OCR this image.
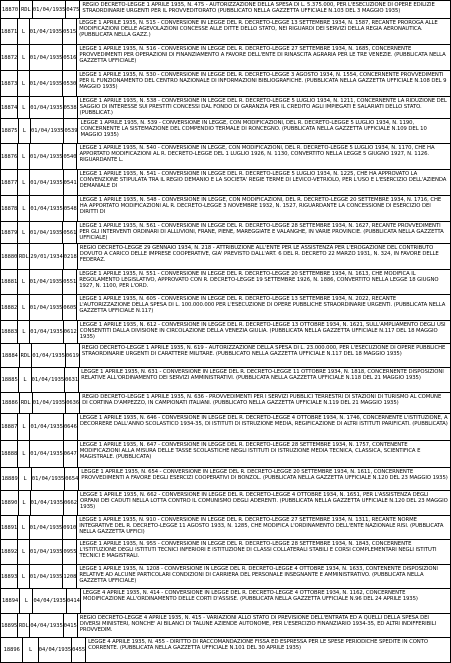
18870 RDL 01/04/1935 0475
REGIO DECRETO-LEGGE 1 APRILE 1935, N. 475 - AUTORIZZAZIONE DELLA SPESA DI L. 5.375.000, PER L'ESECUZIONE DI OPERE EDILIZIE STRAORDINARIE URGENTI PER IL PROVVEDITORATO (PUBBLICATO NELLA GAZZETTA UFFICIALE N.103 DEL 3 MAGGIO 1935)
18871 L 01/04/1935 0515
LEGGE 1 APRILE 1935, N. 515 - CONVERSIONE IN LEGGE DEL R. DECRETO-LEGGE 13 SETTEMBRE 1934, N. 1587, RECANTE PROROGA ALLE MODIFICAZIONI DELLE AGEVOLAZIONI CONCESSE ALLE DITTE DELLO STATO, NEI RIGUARDI DEI SERVIZI DELLA REGIA AERONAUTICA. (PUBBLICATA NELLA GAZZ.)
18872 L 01/04/1935 0516
LEGGE 1 APRILE 1935, N. 516 - CONVERSIONE IN LEGGE DEL R. DECRETO-LEGGE 27 SETTEMBRE 1934, N. 1685, CONCERNENTE PROVVEDIMENTI PER OPERAZIONI DI FINANZIAMENTO A FAVORE DELL'ENTE DI RINASCITA AGRARIA PER LE TRE VENEZIE. (PUBBLICATA NELLA GAZZETTA UFFICIALE)
18873 L 01/04/1935 0530
LEGGE 1 APRILE 1935, N. 530 - CONVERSIONE IN LEGGE DEL R. DECRETO-LEGGE 3 AGOSTO 1934, N. 1554, CONCERNENTE PROVVEDIMENTI PER IL FUNZIONAMENTO DEL CENTRO NAZIONALE DI INFORMAZIONI BIBLIOGRAFICHE. (PUBBLICATA NELLA GAZZETTA UFFICIALE N.108 DEL 9 MAGGIO 1935)
18874 L 01/04/1935 0538
LEGGE 1 APRILE 1935, N. 538 - CONVERSIONE IN LEGGE DEL R. DECRETO-LEGGE 5 LUGLIO 1934, N. 1211, CONCERNENTE LA RIDUZIONE DEL SAGGIO DI INTERESSE SUI PRESTITI CONCESSI DAL FONDO DI GARANZIA PER IL CREDITO AGLI IMPIEGATI E SALARIATI DELLO STATO. (PUBBLICAT.)
18875 L 01/04/1935 0539
LEGGE 1 APRILE 1935, N. 539 - CONVERSIONE IN LEGGE, CON MODIFICAZIONI, DEL R. DECRETO-LEGGE 5 LUGLIO 1934, N. 1190, CONCERNENTE LA SISTEMAZIONE DEL COMPENDIO TERMALE DI RONCEGNO. (PUBBLICATA NELLA GAZZETTA UFFICIALE N.109 DEL 10 MAGGIO 1935)
18876 L 01/04/1935 0540
LEGGE 1 APRILE 1935, N. 540 - CONVERSIONE IN LEGGE, CON MODIFICAZIONI, DEL R. DECRETO-LEGGE 5 LUGLIO 1934, N. 1170, CHE HA APPORTATO MODIFICAZIONI AL R. DECRETO-LEGGE DEL 1 LUGLIO 1926, N. 1130, CONVERTITO NELLA LEGGE 5 GIUGNO 1927, N. 1126. RIGUARDANTE L.
18877 L 01/04/1935 0541
LEGGE 1 APRILE 1935, N. 541 - CONVERSIONE IN LEGGE DEL R. DECRETO-LEGGE 5 LUGLIO 1934, N. 1225, CHE HA APPROVATO LA CONVENZIONE STIPULATA TRA IL REGIO DEMANIO E LA SOCIETA' REGIE TERME DI LEVICO-VETRIOLO, PER L'USO E L'ESERCIZIO DELL'AZIENDA DEMANIALE DI
18878 L 01/04/1935 0548
LEGGE 1 APRILE 1935, N. 548 - CONVERSIONE IN LEGGE, CON MODIFICAZIONI, DEL R. DECRETO-LEGGE 20 SETTEMBRE 1934, N. 1716, CHE HA APPORTATO MODIFICAZIONI AL R. DECRETO-LEGGE 3 NOVEMBRE 1932, N. 1527, RIGUARDANTE LA CONCESSIONE DI ESERCIZIO DEI DIRITTI DI
18879 L 01/04/1935 0561
LEGGE 1 APRILE 1935, N. 561 - CONVERSIONE IN LEGGE DEL R. DECRETO-LEGGE 28 SETTEMBRE 1934, N. 1627, RECANTE PROVVEDIMENTI PER GLI INTERVENTI ORDINARI DI ALLUVIONI, FRANE, PIENE, MAREGGIATE E VALANGHE, IN VARIE PROVINCIE. (PUBBLICATA NELLA GAZZETTA UFFICIALE)
18880 RDL 29/01/1934 0218
REGIO DECRETO-LEGGE 29 GENNAIO 1934, N. 218 - ATTRIBUZIONE ALL'ENTE PER LE ASSISTENZA PER L'EROGAZIONE DEL CONTRIBUTO DOVUTO A CARICO DELLE IMPRESE COOPERATIVE, GIA' PREVISTO DALL'ART. 6 DEL R. DECRETO 22 MARZO 1931, N. 324, IN FAVORE DELLE FEDERAZ.
18881 L 01/04/1935 0551
LEGGE 1 APRILE 1935, N. 551 - CONVERSIONE IN LEGGE DEL R. DECRETO-LEGGE 20 SETTEMBRE 1934, N. 1613, CHE MODIFICA IL REGOLAMENTO LEGISLATIVO, APPROVATO CON R. DECRETO-LEGGE 19 SETTEMBRE 1926, N. 1886, CONVERTITO NELLA LEGGE 18 GIUGNO 1927, N. 1100, PER L'ORD.
18882 L 01/04/1935 0605
LEGGE 1 APRILE 1935, N. 605 - CONVERSIONE IN LEGGE DEL R. DECRETO-LEGGE 13 SETTEMBRE 1934, N. 2022, RECANTE L'AUTORIZZAZIONE DELLA SPESA DI L. 100.000.000 PER L'ESECUZIONE DI OPERE PUBBLICHE STRAORDINARIE URGENTI. (PUBBLICATA NELLA GAZZETTA UFFICIALE N.117)
18883 L 01/04/1935 0612
LEGGE 1 APRILE 1935, N. 612 - CONVERSIONE IN LEGGE DEL R. DECRETO-LEGGE 13 OTTOBRE 1934, N. 1621, SULL'AMPLIAMENTO DEGLI USI CONSENTITI DALLA DIVISIONE IN CIRCOLAZIONE DELLA VENEZIA GIULIA. (PUBBLICATA NELLA GAZZETTA UFFICIALE N.117 DEL 18 MAGGIO 1935)
18884 RDL 01/04/1935 0619
REGIO DECRETO-LEGGE 1 APRILE 1935, N. 619 - AUTORIZZAZIONE DELLA SPESA DI L. 23.000.000, PER L'ESECUZIONE DI OPERE PUBBLICHE STRAORDINARIE URGENTI DI CARATTERE MILITARE. (PUBBLICATO NELLA GAZZETTA UFFICIALE N.117 DEL 18 MAGGIO 1935)
18885	L 01/04/1935 0631
LEGGE 1 APRILE 1935, N. 631 - CONVERSIONE IN LEGGE DEL R. DECRETO-LEGGE 11 OTTOBRE 1934, N. 1818, CONCERNENTE DISPOSIZIONI RELATIVE ALL'ORDINAMENTO DEI SERVIZI AMMINISTRATIVI. (PUBBLICATA NELLA GAZZETTA UFFICIALE N.118 DEL 21 MAGGIO 1935)
18886 RDL 01/04/1935 0636
REGIO DECRETO-LEGGE 1 APRILE 1935, N. 636 - PROVVEDIMENTI PER I SERVIZI PUBBLICI TERRESTRI DI STAZIONI DI TURISMO AL COMUNE DI CORTINA D'AMPEZZO, IN CAMPIONATI ITALIANI. (PUBBLICATO NELLA GAZZETTA UFFICIALE N.119 DEL 21 MAGGIO 1935)
18887 L 01/04/1935 0646
LEGGE 1 APRILE 1935, N. 646 - CONVERSIONE IN LEGGE DEL R. DECRETO-LEGGE 4 OTTOBRE 1934, N. 1746, CONCERNENTE L'ISTITUZIONE, A DECORRERE DALL'ANNO SCOLASTICO 1934-35, DI ISTITUTI DI ISTRUZIONE MEDIA, REGIFICAZIONE DI ALTRI ISTITUTI PARIFICATI. (PUBBLICATA)
18888 L 01/04/1935 0647
LEGGE 1 APRILE 1935, N. 647 - CONVERSIONE IN LEGGE DEL R. DECRETO-LEGGE 28 SETTEMBRE 1934, N. 1757, CONTENENTE MODIFICAZIONI ALLA MISURA DELLE TASSE SCOLASTICHE NEGLI ISTITUTI DI ISTRUZIONE MEDIA TECNICA, CLASSICA, SCIENTIFICA E MAGISTRALE. (PUBBLICATA)
18889	L 01/04/1935 0654
LEGGE 1 APRILE 1935, N. 654 - CONVERSIONE IN LEGGE DEL R. DECRETO-LEGGE 20 SETTEMBRE 1934, N. 1611, CONCERNENTE PROVVEDIMENTI A FAVORE DEGLI ESERCIZI COOPERATIVI DI BONZOL. (PUBBLICATA NELLA GAZZETTA UFFICIALE N.120 DEL 23 MAGGIO 1935)
18890 L 01/04/1935 0662
LEGGE 1 APRILE 1935, N. 662 - CONVERSIONE IN LEGGE DEL R. DECRETO-LEGGE 4 OTTOBRE 1934, N. 1651, PER L'ASSISTENZA DEGLI ORFANI DEI CADUTI NELLA LOTTA CONTRO IL COMUNISMO DEGLI ADERENTI. (PUBBLICATA NELLA GAZZETTA UFFICIALE N.120 DEL 23 MAGGIO 1935)
18891 L 01/04/1935 0910
LEGGE 1 APRILE 1935, N. 910 - CONVERSIONE IN LEGGE DEL R. DECRETO-LEGGE 27 SETTEMBRE 1934, N. 1311, RECANTE NORME INTEGRATIVE DEL R. DECRETO-LEGGE 11 AGOSTO 1933, N. 1285, CHE MODIFICA L'ORDINAMENTO DELL'ENTE NAZIONALE RISI. (PUBBLICATA NELLA GAZZETTA UFFICI)
18892 L 01/04/1935 0955
LEGGE 1 APRILE 1935, N. 955 - CONVERSIONE IN LEGGE DEL R. DECRETO-LEGGE 28 SETTEMBRE 1934, N. 1843, CONCERNENTE L'ISTITUZIONE DEGLI ISTITUTI TECNICI INFERIORI E ISTITUZIONE DI CLASSI COLLATERALI STABILI E CORSI COMPLEMENTARI NEGLI ISTITUTI TECNICI E MAGISTRALI.
18893 L 01/04/1935 1208
LEGGE 1 APRILE 1935, N. 1208 - CONVERSIONE IN LEGGE DEL R. DECRETO-LEGGE 4 OTTOBRE 1934, N. 1633, CONTENENTE DISPOSIZIONI RELATIVE AD ALCUNE PARTICOLARI CONDIZIONI DI CARRIERA DEL PERSONALE INSEGNANTE E AMMINISTRATIVO. (PUBBLICATA NELLA GAZZETTA UFFICIALE)
18894	L	04/04/1935 0414
LEGGE 4 APRILE 1935, N. 414 - CONVERSIONE IN LEGGE DEL R. DECRETO-LEGGE 4 OTTOBRE 1934, N. 1162, CONCERNENTE MODIFICAZIONE ALL'ORDINAMENTO DELLE CORTI D'ASSISE. (PUBBLICATA NELLA GAZZETTA UFFICIALE N.96 DEL 24 APRILE 1935)
18895 RDL 04/04/1935 0415
REGIO DECRETO-LEGGE 4 APRILE 1935, N. 415 - VARIAZIONI ALLO STATO DI PREVISIONE DELL'ENTRATA ED A QUELLI DELLA SPESA DEI DIVERSI MINISTERI, NONCHE' AI BILANCI DI TALUNE AZIENDE AUTONOME, PER L'ESERCIZIO FINANZIARIO 1934-35, ED ALTRI INDIFFERIBILI PROVVEDIM.
18896	L	04/04/1935 0455
LEGGE 4 APRILE 1935, N. 455 - DIRITTO DI RACCOMANDAZIONE FISSA ED ESPRESSA PER LE SPESE PERIODICHE SPEDITE IN CONTO CORRENTE. (PUBBLICATA NELLA GAZZETTA UFFICIALE N.101 DEL 30 APRILE 1935)
